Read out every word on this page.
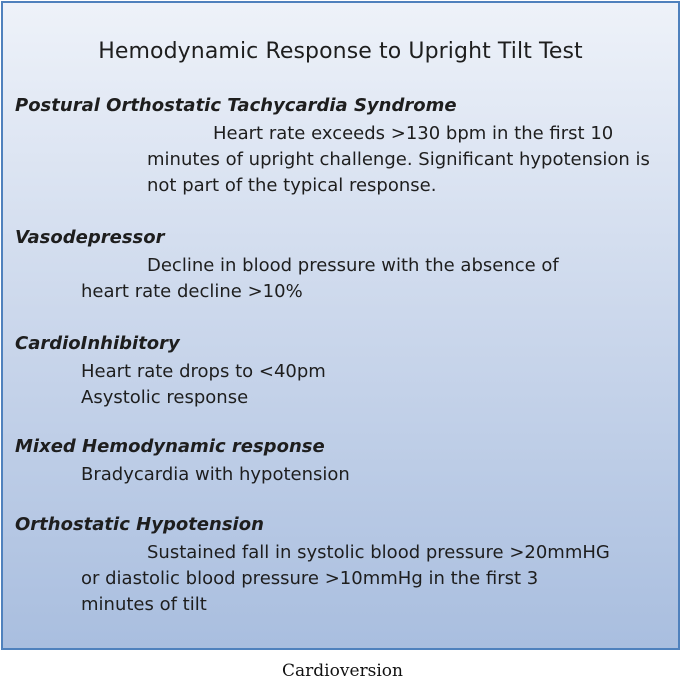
Hemodynamic Response to Upright Tilt Test
Postural Orthostatic Tachycardia Syndrome
Heart rate exceeds >130 bpm in the first 10
minutes of upright challenge. Significant hypotension is
not part of the typical response.
Vasodepressor
Decline in blood pressure with the absence of
heart rate decline >10%
CardioInhibitory
Heart rate drops to <40pm
Asystolic response
Mixed Hemodynamic response
Bradycardia with hypotension
Orthostatic Hypotension
Sustained fall in systolic blood pressure >20mmHG
or diastolic blood pressure >10mmHg in the first 3
minutes of tilt
Cardioversion
